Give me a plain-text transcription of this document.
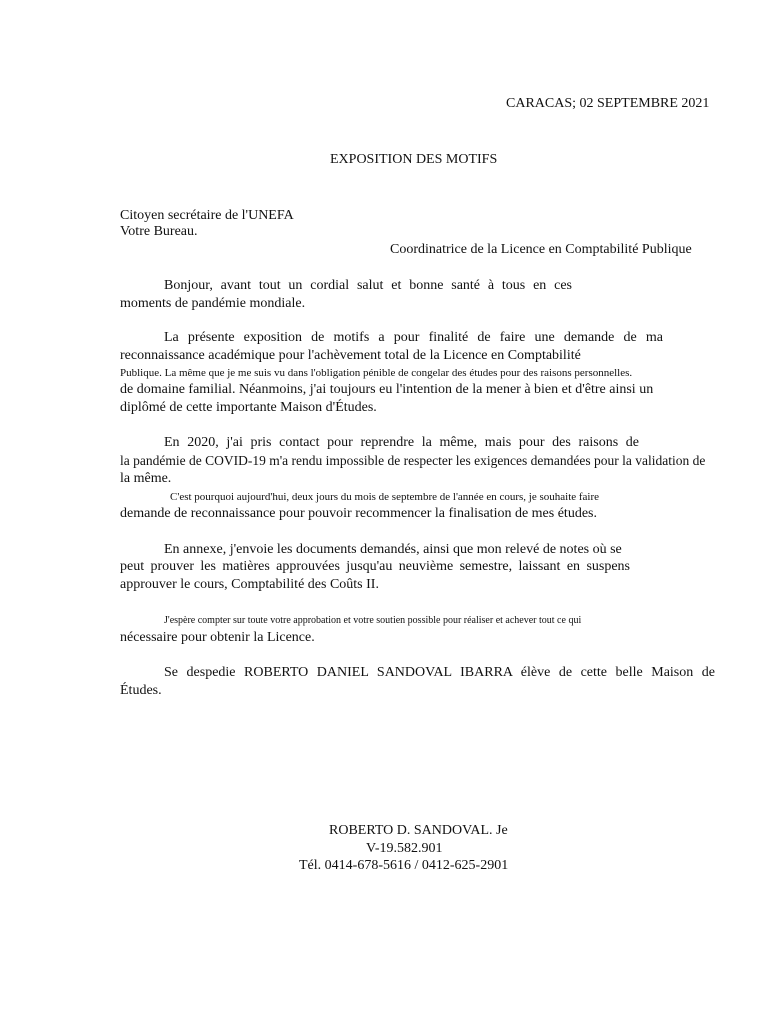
CARACAS; 02 SEPTEMBRE 2021
EXPOSITION DES MOTIFS
Citoyen secrétaire de l'UNEFA
Votre Bureau.
Coordinatrice de la Licence en Comptabilité Publique
Bonjour, avant tout un cordial salut et bonne santé à tous en ces
moments de pandémie mondiale.
La présente exposition de motifs a pour finalité de faire une demande de ma
reconnaissance académique pour l'achèvement total de la Licence en Comptabilité
Publique. La même que je me suis vu dans l'obligation pénible de congelar des études pour des raisons personnelles.
de domaine familial. Néanmoins, j'ai toujours eu l'intention de la mener à bien et d'être ainsi un
diplômé de cette importante Maison d'Études.
En 2020, j'ai pris contact pour reprendre la même, mais pour des raisons de
la pandémie de COVID-19 m'a rendu impossible de respecter les exigences demandées pour la validation de
la même.
C'est pourquoi aujourd'hui, deux jours du mois de septembre de l'année en cours, je souhaite faire
demande de reconnaissance pour pouvoir recommencer la finalisation de mes études.
En annexe, j'envoie les documents demandés, ainsi que mon relevé de notes où se
peut prouver les matières approuvées jusqu'au neuvième semestre, laissant en suspens
approuver le cours, Comptabilité des Coûts II.
J'espère compter sur toute votre approbation et votre soutien possible pour réaliser et achever tout ce qui
nécessaire pour obtenir la Licence.
Se despedie ROBERTO DANIEL SANDOVAL IBARRA élève de cette belle Maison de
Études.
ROBERTO D. SANDOVAL. Je
V-19.582.901
Tél. 0414-678-5616 / 0412-625-2901
